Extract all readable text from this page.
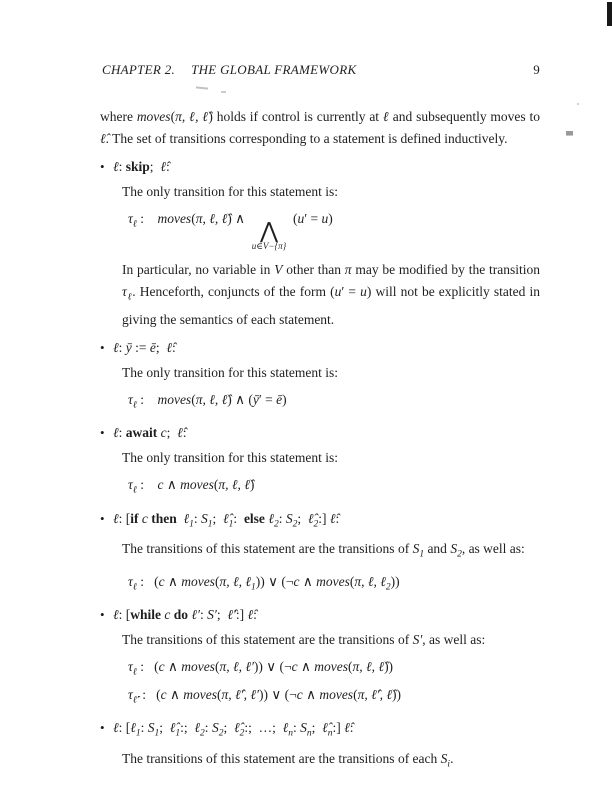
CHAPTER 2. THE GLOBAL FRAMEWORK	9
where moves(π, ℓ, ℓ̂) holds if control is currently at ℓ and subsequently moves to ℓ̂. The set of transitions corresponding to a statement is defined inductively.
• ℓ: skip;  ℓ̂:
The only transition for this statement is:
$\tau_\ell$ :    moves(π, ℓ, ℓ̂) ∧ ⋀
u∈V−{π}
(u′ = u)
In particular, no variable in V other than π may be modified by the transition $\tau_\ell$. Henceforth, conjuncts of the form (u′ = u) will not be explicitly stated in giving the semantics of each statement.
• ℓ: ȳ := ē;  ℓ̂:
The only transition for this statement is:
$\tau_\ell$ :    moves(π, ℓ, ℓ̂) ∧ (ȳ′ = ē)
• ℓ: await c;  ℓ̂:
The only transition for this statement is:
$\tau_\ell$ :    c ∧ moves(π, ℓ, ℓ̂)
• ℓ: [if c then ℓ$_1$: $S_1$;  $\ell̂_1$:  else ℓ$_2$: $S_2$;  $\ell̂_2$:] ℓ̂:
The transitions of this statement are the transitions of $S_1$ and $S_2$, as well as:
$\tau_\ell$ :   (c ∧ moves(π, ℓ, ℓ$_1$)) ∨ (¬c ∧ moves(π, ℓ, ℓ$_2$))
• ℓ: [while c do ℓ′: S′;  ℓ̂′:] ℓ̂:
The transitions of this statement are the transitions of S′, as well as:
$\tau_\ell$ :   (c ∧ moves(π, ℓ, ℓ′)) ∨ (¬c ∧ moves(π, ℓ, ℓ̂))
$\tau_{\ell̂'}$ :   (c ∧ moves(π, ℓ̂′, ℓ′)) ∨ (¬c ∧ moves(π, ℓ̂′, ℓ̂))
• ℓ: [ℓ$_1$: $S_1$;  $\ell̂_1$:;  ℓ$_2$: $S_2$;  $\ell̂_2$:;  …;  ℓ$_n$: $S_n$;  $\ell̂_n$:] ℓ̂:
The transitions of this statement are the transitions of each $S_i$.
